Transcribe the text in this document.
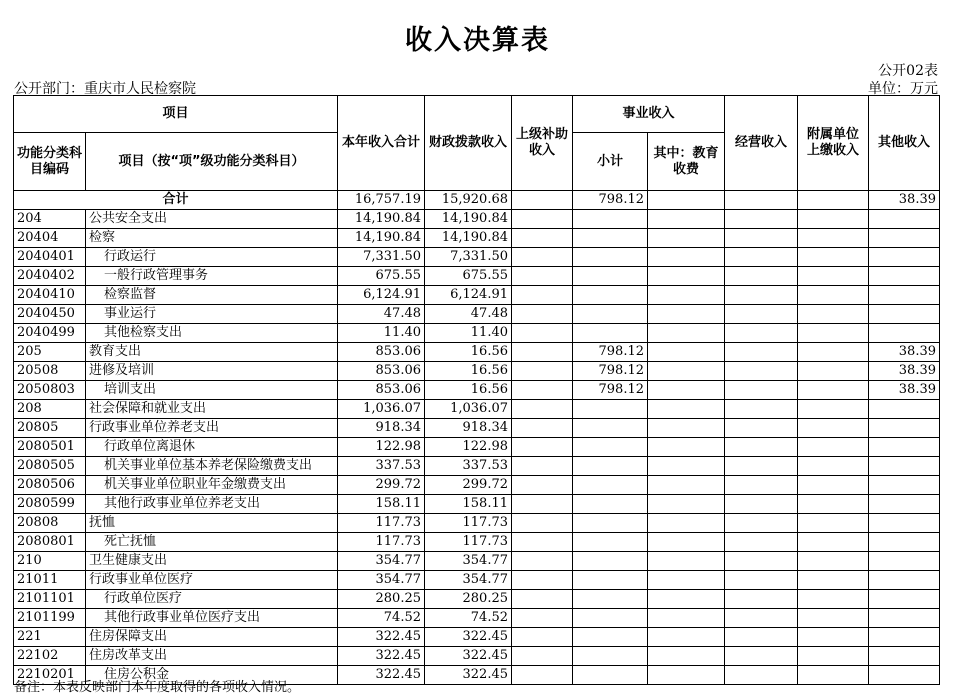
收入决算表
公开02表
公开部门：重庆市人民检察院	单位：万元
项目		本年收入合计	财政拨款收入	上级补助收入	事业收入		经营收入	附属单位上缴收入	其他收入
功能分类科目编码	项目（按“项”级功能分类科目）				小计	其中：教育收费			

合计		16,757.19	15,920.68		798.12				38.39
204	公共安全支出	14,190.84	14,190.84						
20404	检察	14,190.84	14,190.84						
2040401	行政运行	7,331.50	7,331.50						
2040402	一般行政管理事务	675.55	675.55						
2040410	检察监督	6,124.91	6,124.91						
2040450	事业运行	47.48	47.48						
2040499	其他检察支出	11.40	11.40						
205	教育支出	853.06	16.56		798.12				38.39
20508	进修及培训	853.06	16.56		798.12				38.39
2050803	培训支出	853.06	16.56		798.12				38.39
208	社会保障和就业支出	1,036.07	1,036.07						
20805	行政事业单位养老支出	918.34	918.34						
2080501	行政单位离退休	122.98	122.98						
2080505	机关事业单位基本养老保险缴费支出	337.53	337.53						
2080506	机关事业单位职业年金缴费支出	299.72	299.72						
2080599	其他行政事业单位养老支出	158.11	158.11						
20808	抚恤	117.73	117.73						
2080801	死亡抚恤	117.73	117.73						
210	卫生健康支出	354.77	354.77						
21011	行政事业单位医疗	354.77	354.77						
2101101	行政单位医疗	280.25	280.25						
2101199	其他行政事业单位医疗支出	74.52	74.52						
221	住房保障支出	322.45	322.45						
22102	住房改革支出	322.45	322.45						
2210201	住房公积金	322.45	322.45						
备注：本表反映部门本年度取得的各项收入情况。
